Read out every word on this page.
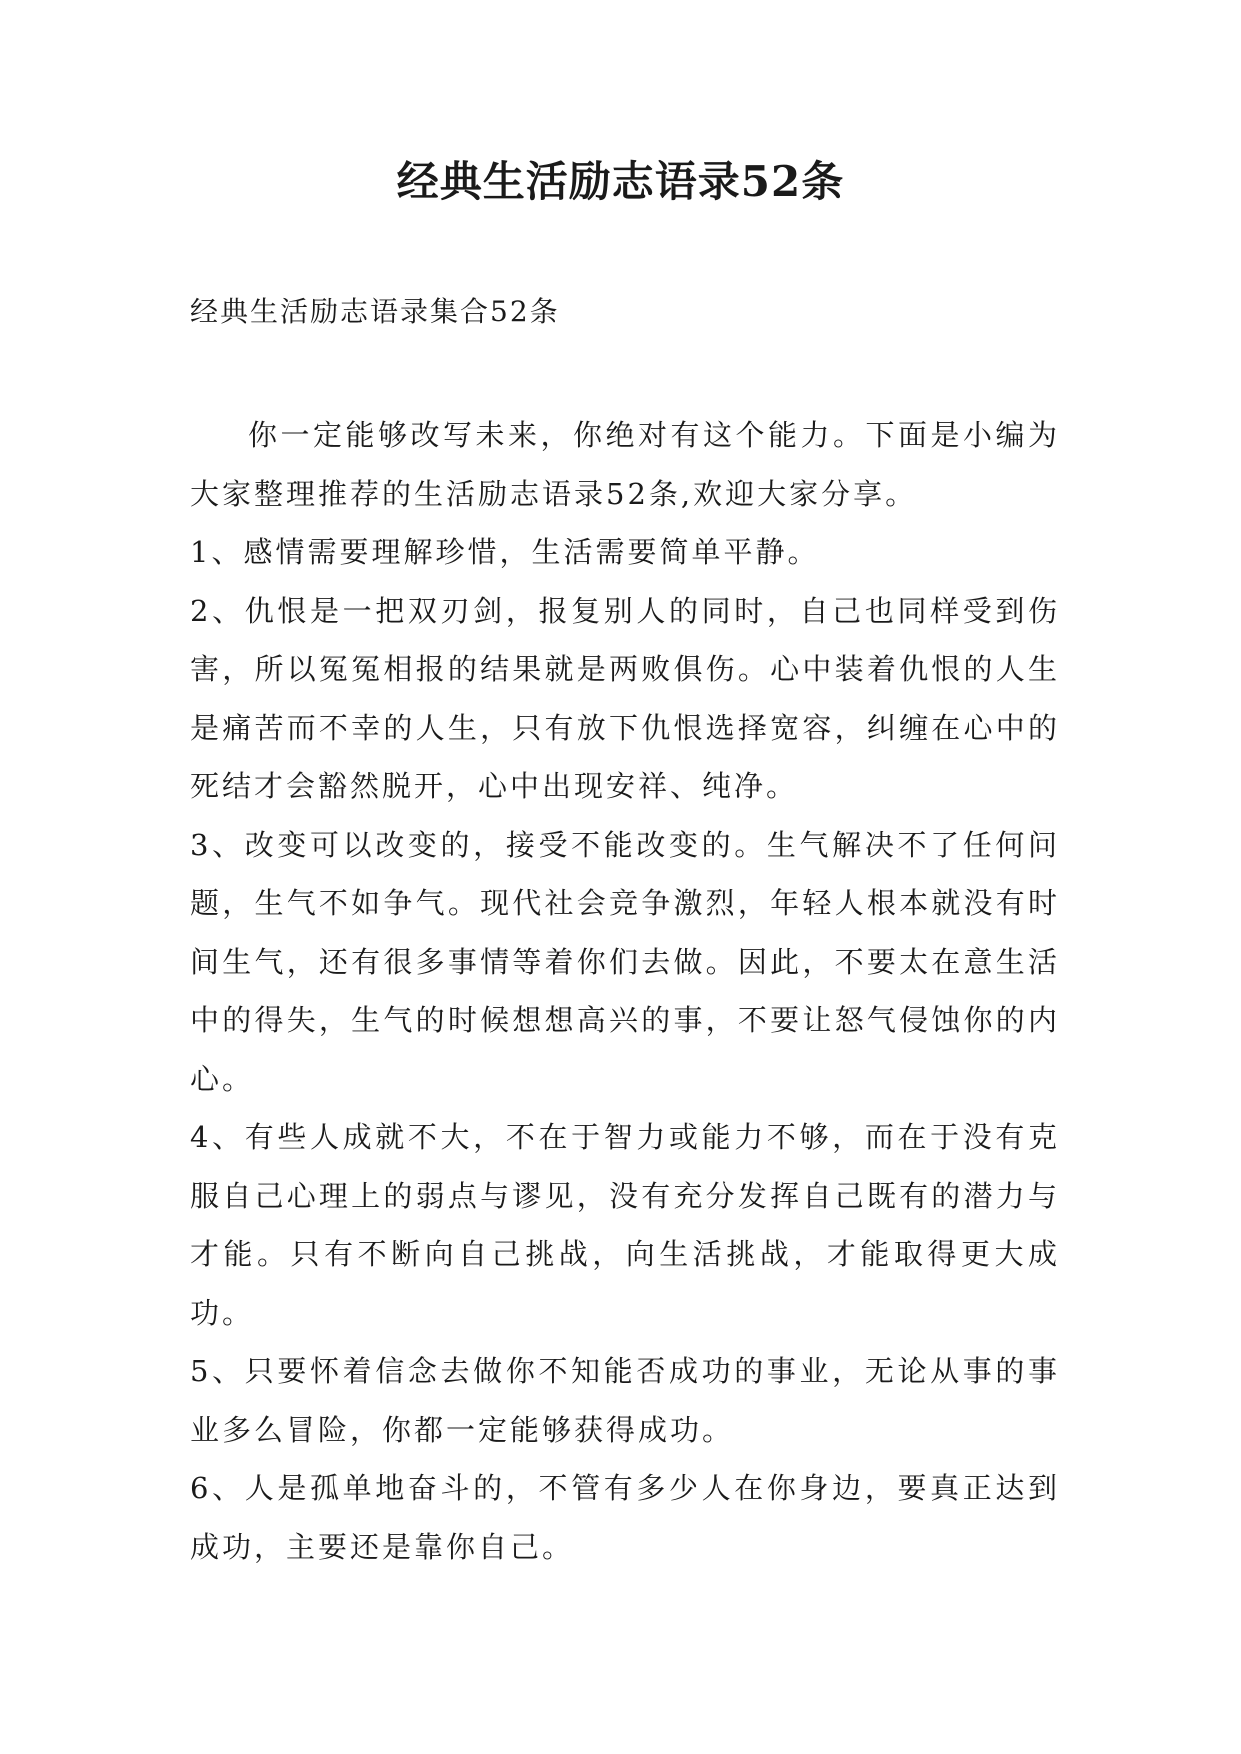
经典生活励志语录52条

经典生活励志语录集合52条

你一定能够改写未来，你绝对有这个能力。下面是小编为大家整理推荐的生活励志语录52条,欢迎大家分享。

1、感情需要理解珍惜，生活需要简单平静。

2、仇恨是一把双刃剑，报复别人的同时，自己也同样受到伤害，所以冤冤相报的结果就是两败俱伤。心中装着仇恨的人生是痛苦而不幸的人生，只有放下仇恨选择宽容，纠缠在心中的死结才会豁然脱开，心中出现安祥、纯净。

3、改变可以改变的，接受不能改变的。生气解决不了任何问题，生气不如争气。现代社会竞争激烈，年轻人根本就没有时间生气，还有很多事情等着你们去做。因此，不要太在意生活中的得失，生气的时候想想高兴的事，不要让怒气侵蚀你的内心。

4、有些人成就不大，不在于智力或能力不够，而在于没有克服自己心理上的弱点与谬见，没有充分发挥自己既有的潜力与才能。只有不断向自己挑战，向生活挑战，才能取得更大成功。

5、只要怀着信念去做你不知能否成功的事业，无论从事的事业多么冒险，你都一定能够获得成功。

6、人是孤单地奋斗的，不管有多少人在你身边，要真正达到成功，主要还是靠你自己。
